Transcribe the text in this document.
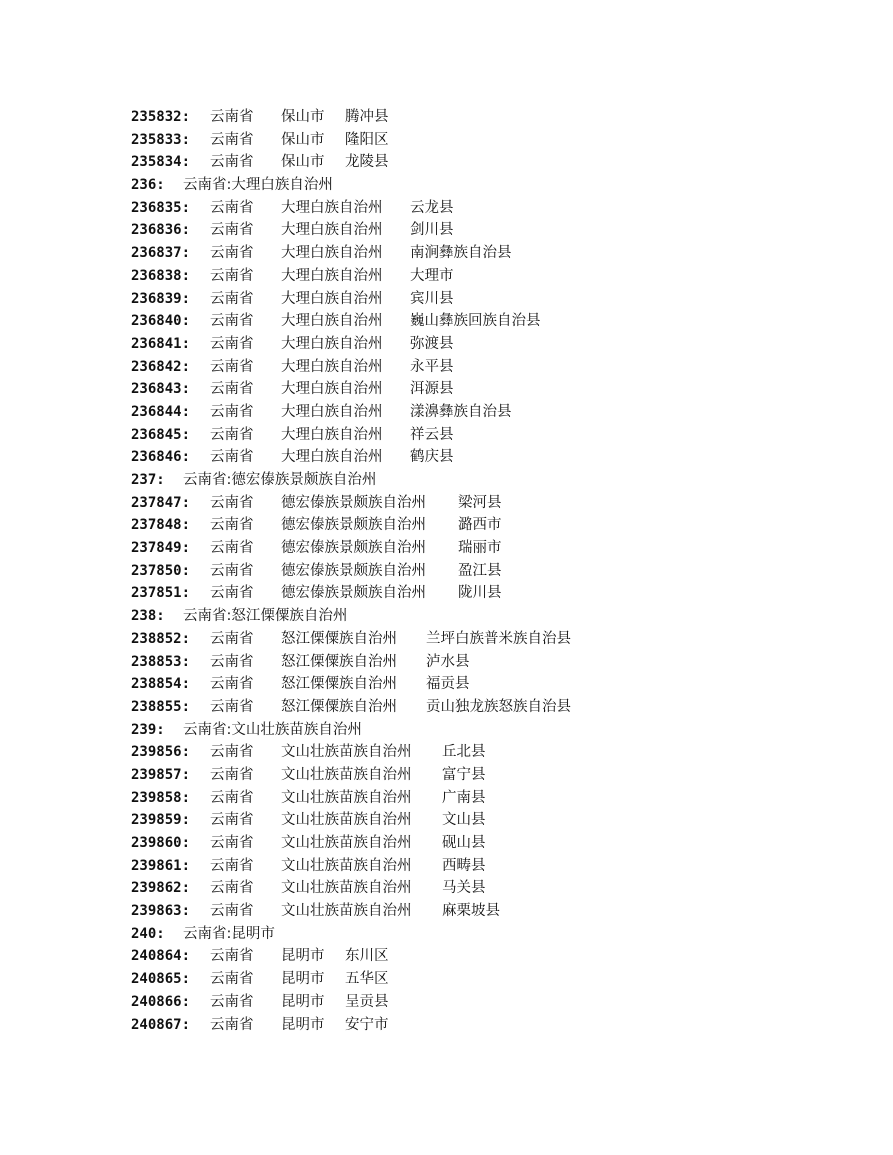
235832: 云南省 保山市 腾冲县
235833: 云南省 保山市 隆阳区
235834: 云南省 保山市 龙陵县
236: 云南省:大理白族自治州
236835: 云南省 大理白族自治州 云龙县
236836: 云南省 大理白族自治州 剑川县
236837: 云南省 大理白族自治州 南涧彝族自治县
236838: 云南省 大理白族自治州 大理市
236839: 云南省 大理白族自治州 宾川县
236840: 云南省 大理白族自治州 巍山彝族回族自治县
236841: 云南省 大理白族自治州 弥渡县
236842: 云南省 大理白族自治州 永平县
236843: 云南省 大理白族自治州 洱源县
236844: 云南省 大理白族自治州 漾濞彝族自治县
236845: 云南省 大理白族自治州 祥云县
236846: 云南省 大理白族自治州 鹤庆县
237: 云南省:德宏傣族景颇族自治州
237847: 云南省 德宏傣族景颇族自治州 梁河县
237848: 云南省 德宏傣族景颇族自治州 潞西市
237849: 云南省 德宏傣族景颇族自治州 瑞丽市
237850: 云南省 德宏傣族景颇族自治州 盈江县
237851: 云南省 德宏傣族景颇族自治州 陇川县
238: 云南省:怒江傈僳族自治州
238852: 云南省 怒江傈僳族自治州 兰坪白族普米族自治县
238853: 云南省 怒江傈僳族自治州 泸水县
238854: 云南省 怒江傈僳族自治州 福贡县
238855: 云南省 怒江傈僳族自治州 贡山独龙族怒族自治县
239: 云南省:文山壮族苗族自治州
239856: 云南省 文山壮族苗族自治州 丘北县
239857: 云南省 文山壮族苗族自治州 富宁县
239858: 云南省 文山壮族苗族自治州 广南县
239859: 云南省 文山壮族苗族自治州 文山县
239860: 云南省 文山壮族苗族自治州 砚山县
239861: 云南省 文山壮族苗族自治州 西畴县
239862: 云南省 文山壮族苗族自治州 马关县
239863: 云南省 文山壮族苗族自治州 麻栗坡县
240: 云南省:昆明市
240864: 云南省 昆明市 东川区
240865: 云南省 昆明市 五华区
240866: 云南省 昆明市 呈贡县
240867: 云南省 昆明市 安宁市
